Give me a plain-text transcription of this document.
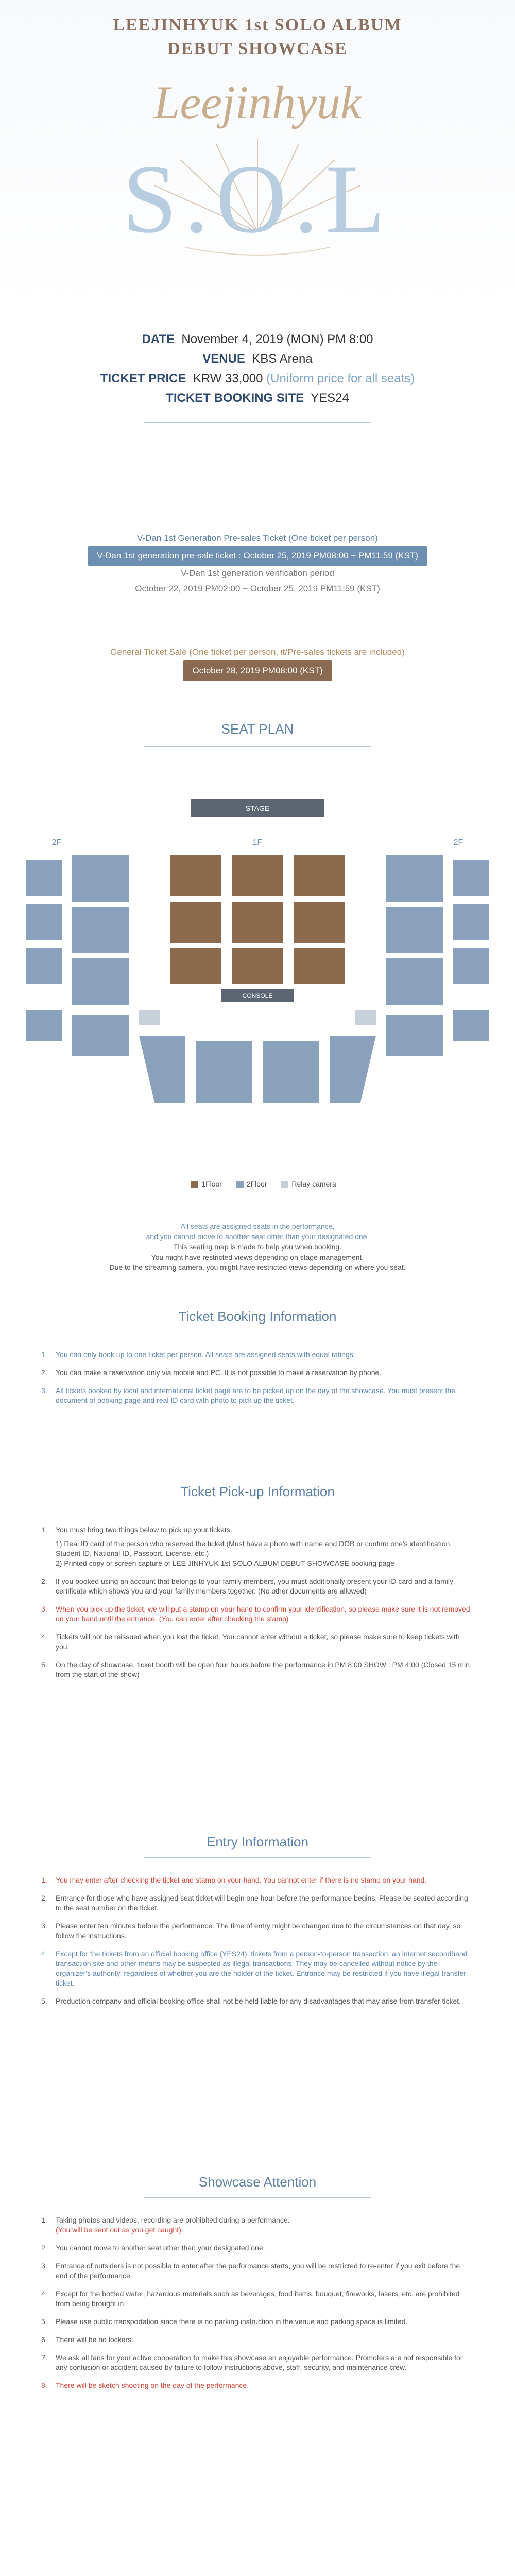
LEEJINHYUK 1st SOLO ALBUM
DEBUT SHOWCASE
Leejinhyuk
S.O.L
DATE November 4, 2019 (MON) PM 8:00
VENUE KBS Arena
TICKET PRICE KRW 33,000 (Uniform price for all seats)
TICKET BOOKING SITE YES24
V-Dan 1st Generation Pre-sales Ticket (One ticket per person)
V-Dan 1st generation pre-sale ticket : October 25, 2019 PM08:00 ~ PM11:59 (KST)
V-Dan 1st generation verification period
October 22, 2019 PM02:00 ~ October 25, 2019 PM11:59 (KST)
General Ticket Sale (One ticket per person, it/Pre-sales tickets are included)
October 28, 2019 PM08:00 (KST)
SEAT PLAN
STAGE
2F	1F	2F
CONSOLE
1Floor	2Floor	Relay camera
All seats are assigned seats in the performance,
and you cannot move to another seat other than your designated one.
This seating map is made to help you when booking.
You might have restricted views depending on stage management.
Due to the streaming camera, you might have restricted views depending on where you seat.
Ticket Booking Information
1.	You can only book up to one ticket per person. All seats are assigned seats with equal ratings.
2.	You can make a reservation only via mobile and PC. It is not possible to make a reservation by phone.
3.	All tickets booked by local and international ticket page are to be picked up on the day of the showcase. You must present the document of booking page and real ID card with photo to pick up the ticket.
Ticket Pick-up Information
1.	You must bring two things below to pick up your tickets.
1) Real ID card of the person who reserved the ticket (Must have a photo with name and DOB or confirm one's identification. Student ID, National ID, Passport, License, etc.)
2) Printed copy or screen capture of LEE JINHYUK 1st SOLO ALBUM DEBUT SHOWCASE booking page
2.	If you booked using an account that belongs to your family members, you must additionally present your ID card and a family certificate which shows you and your family members together. (No other documents are allowed)
3.	When you pick up the ticket, we will put a stamp on your hand to confirm your identification, so please make sure it is not removed on your hand until the entrance. (You can enter after checking the stamp)
4.	Tickets will not be reissued when you lost the ticket. You cannot enter without a ticket, so please make sure to keep tickets with you.
5.	On the day of showcase, ticket booth will be open four hours before the performance in PM 8:00 SHOW : PM 4:00 (Closed 15 min. from the start of the show)
Entry Information
1.	You may enter after checking the ticket and stamp on your hand. You cannot enter if there is no stamp on your hand.
2.	Entrance for those who have assigned seat ticket will begin one hour before the performance begins. Please be seated according to the seat number on the ticket.
3.	Please enter ten minutes before the performance. The time of entry might be changed due to the circumstances on that day, so follow the instructions.
4.	Except for the tickets from an official booking office (YES24), tickets from a person-to-person transaction, an internet secondhand transaction site and other means may be suspected as illegal transactions. They may be cancelled without notice by the organizer's authority, regardless of whether you are the holder of the ticket. Entrance may be restricted if you have illegal transfer ticket.
5.	Production company and official booking office shall not be held liable for any disadvantages that may arise from transfer ticket.
Showcase Attention
1.	Taking photos and videos, recording are prohibited during a performance.
(You will be sent out as you get caught)
2.	You cannot move to another seat other than your designated one.
3.	Entrance of outsiders is not possible to enter after the performance starts, you will be restricted to re-enter if you exit before the end of the performance.
4.	Except for the bottled water, hazardous materials such as beverages, food items, bouquet, fireworks, lasers, etc. are prohibited from being brought in.
5.	Please use public transportation since there is no parking instruction in the venue and parking space is limited.
6.	There will be no lockers.
7.	We ask all fans for your active cooperation to make this showcase an enjoyable performance. Promoters are not responsible for any confusion or accident caused by failure to follow instructions above, staff, security, and maintenance crew.
8.	There will be sketch shooting on the day of the performance.
